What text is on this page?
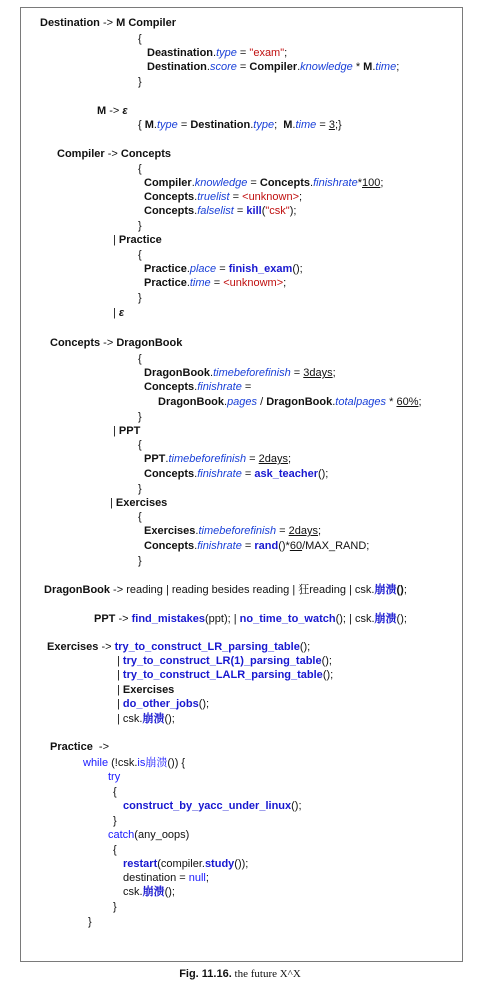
Destination -> M Compiler
{
Deastination.type = "exam";
Destination.score = Compiler.knowledge * M.time;
}
M -> ε
{ M.type = Destination.type;  M.time = 3;}
Compiler -> Concepts
{
Compiler.knowledge = Concepts.finishrate*100;
Concepts.truelist = <unknown>;
Concepts.falselist = kill("csk");
}
| Practice
{
Practice.place = finish_exam();
Practice.time = <unknowm>;
}
| ε
Concepts -> DragonBook
{
DragonBook.timebeforefinish = 3days;
Concepts.finishrate =
DragonBook.pages / DragonBook.totalpages * 60%;
}
| PPT
{
PPT.timebeforefinish = 2days;
Concepts.finishrate = ask_teacher();
}
| Exercises
{
Exercises.timebeforefinish = 2days;
Concepts.finishrate = rand()*60/MAX_RAND;
}
DragonBook -> reading | reading besides reading | 狂reading | csk.崩溃();
PPT -> find_mistakes(ppt); | no_time_to_watch(); | csk.崩溃();
Exercises -> try_to_construct_LR_parsing_table();
| try_to_construct_LR(1)_parsing_table();
| try_to_construct_LALR_parsing_table();
| Exercises
| do_other_jobs();
| csk.崩溃();
Practice  ->
while (!csk.is崩溃()) {
try
{
construct_by_yacc_under_linux();
}
catch(any_oops)
{
restart(compiler.study());
destination = null;
csk.崩溃();
}
}
Fig. 11.16. the future X^X
